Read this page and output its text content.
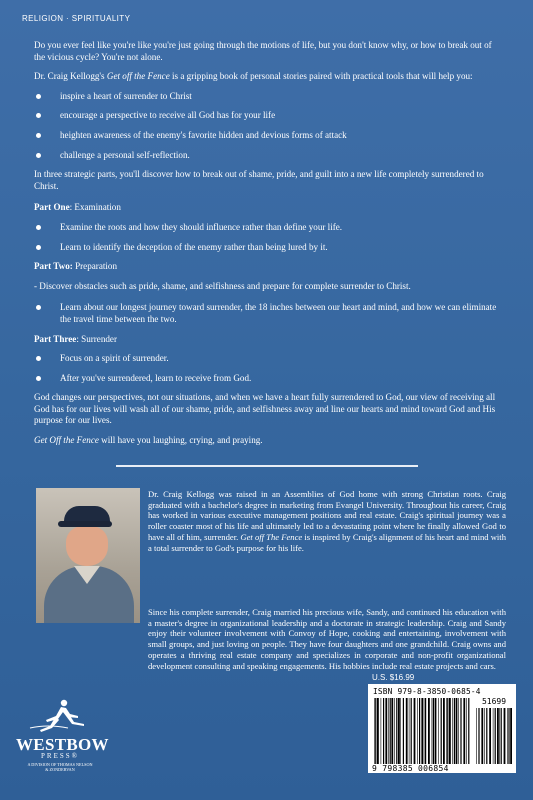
RELIGION · SPIRITUALITY

Do you ever feel like you're like you're just going through the motions of life, but you don't know why, or how to break out of the vicious cycle? You're not alone.

Dr. Craig Kellogg's Get off the Fence is a gripping book of personal stories paired with practical tools that will help you:

inspire a heart of surrender to Christ
encourage a perspective to receive all God has for your life
heighten awareness of the enemy's favorite hidden and devious forms of attack
challenge a personal self-reflection.

In three strategic parts, you'll discover how to break out of shame, pride, and guilt into a new life completely surrendered to Christ.

Part One: Examination
Examine the roots and how they should influence rather than define your life.
Learn to identify the deception of the enemy rather than being lured by it.
Part Two: Preparation

- Discover obstacles such as pride, shame, and selfishness and prepare for complete surrender to Christ.

Learn about our longest journey toward surrender, the 18 inches between our heart and mind, and how we can eliminate the travel time between the two.
Part Three: Surrender
Focus on a spirit of surrender.
After you've surrendered, learn to receive from God.

God changes our perspectives, not our situations, and when we have a heart fully surrendered to God, our view of receiving all God has for our lives will wash all of our shame, pride, and selfishness away and line our hearts and mind toward God and His purpose for our lives.

Get Off the Fence will have you laughing, crying, and praying.

Dr. Craig Kellogg was raised in an Assemblies of God home with strong Christian roots. Craig graduated with a bachelor's degree in marketing from Evangel University. Throughout his career, Craig has worked in various executive management positions and real estate. Craig's spiritual journey was a roller coaster most of his life and ultimately led to a devastating point where he finally allowed God to have all of him, surrender. Get off The Fence is inspired by Craig's alignment of his heart and mind with a total surrender to God's purpose for his life.
Since his complete surrender, Craig married his precious wife, Sandy, and continued his education with a master's degree in organizational leadership and a doctorate in strategic leadership. Craig and Sandy enjoy their volunteer involvement with Convoy of Hope, cooking and entertaining, involvement with small groups, and just loving on people. They have four daughters and one grandchild. Craig owns and operates a thriving real estate company and specializes in corporate and non-profit organizational development consulting and speaking engagements. His hobbies include real estate projects and cars.
WESTBOW
PRESS®
A DIVISION OF THOMAS NELSON
& ZONDERVAN
U.S. $16.99
ISBN 979-8-3850-0685-4
51699
9 798385 006854
